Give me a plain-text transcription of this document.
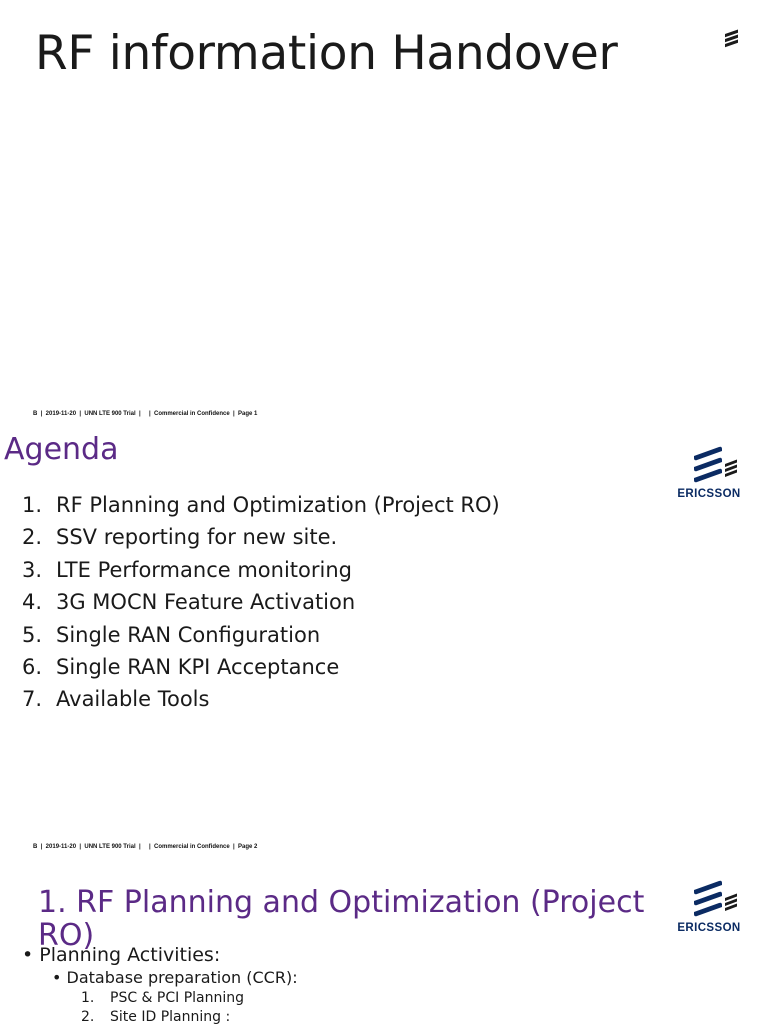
RF information Handover
B  |  2019-11-20  |  UNN LTE 900 Trial  |     |  Commercial in Confidence  |  Page 1
Agenda
ERICSSON
1. RF Planning and Optimization (Project RO)
2. SSV reporting for new site.
3. LTE Performance monitoring
4. 3G MOCN Feature Activation
5. Single RAN Configuration
6. Single RAN KPI Acceptance
7. Available Tools
B  |  2019-11-20  |  UNN LTE 900 Trial  |     |  Commercial in Confidence  |  Page 2
1. RF Planning and Optimization (Project RO)	ERICSSON
• Planning Activities:
• Database preparation (CCR):
1. PSC & PCI Planning
2. Site ID Planning :
